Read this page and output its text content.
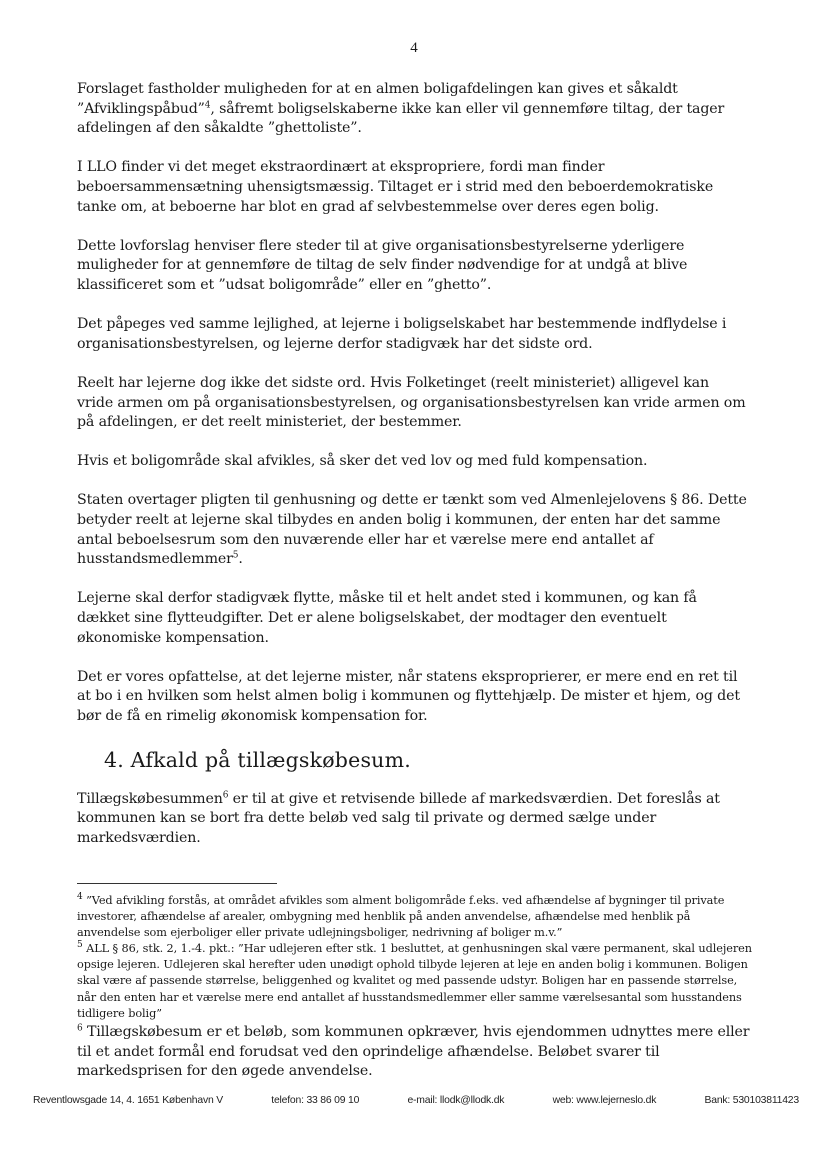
4

Forslaget fastholder muligheden for at en almen boligafdelingen kan gives et såkaldt ”Afviklingspåbud”$^4$, såfremt boligselskaberne ikke kan eller vil gennemføre tiltag, der tager afdelingen af den såkaldte ”ghettoliste”.

I LLO finder vi det meget ekstraordinært at ekspropriere, fordi man finder beboersammensætning uhensigtsmæssig. Tiltaget er i strid med den beboerdemokratiske tanke om, at beboerne har blot en grad af selvbestemmelse over deres egen bolig.

Dette lovforslag henviser flere steder til at give organisationsbestyrelserne yderligere muligheder for at gennemføre de tiltag de selv finder nødvendige for at undgå at blive klassificeret som et ”udsat boligområde” eller en ”ghetto”.

Det påpeges ved samme lejlighed, at lejerne i boligselskabet har bestemmende indflydelse i organisationsbestyrelsen, og lejerne derfor stadigvæk har det sidste ord.

Reelt har lejerne dog ikke det sidste ord. Hvis Folketinget (reelt ministeriet) alligevel kan vride armen om på organisationsbestyrelsen, og organisationsbestyrelsen kan vride armen om på afdelingen, er det reelt ministeriet, der bestemmer.

Hvis et boligområde skal afvikles, så sker det ved lov og med fuld kompensation.

Staten overtager pligten til genhusning og dette er tænkt som ved Almenlejelovens § 86. Dette betyder reelt at lejerne skal tilbydes en anden bolig i kommunen, der enten har det samme antal beboelsesrum som den nuværende eller har et værelse mere end antallet af husstandsmedlemmer$^5$.

Lejerne skal derfor stadigvæk flytte, måske til et helt andet sted i kommunen, og kan få dækket sine flytteudgifter. Det er alene boligselskabet, der modtager den eventuelt økonomiske kompensation.

Det er vores opfattelse, at det lejerne mister, når statens eksproprierer, er mere end en ret til at bo i en hvilken som helst almen bolig i kommunen og flyttehjælp. De mister et hjem, og det bør de få en rimelig økonomisk kompensation for.

4. Afkald på tillægskøbesum.

Tillægskøbesummen$^6$ er til at give et retvisende billede af markedsværdien. Det foreslås at kommunen kan se bort fra dette beløb ved salg til private og dermed sælge under markedsværdien.

$^4$ ”Ved afvikling forstås, at området afvikles som alment boligområde f.eks. ved afhændelse af bygninger til private investorer, afhændelse af arealer, ombygning med henblik på anden anvendelse, afhændelse med henblik på anvendelse som ejerboliger eller private udlejningsboliger, nedrivning af boliger m.v.”

$^5$ ALL § 86, stk. 2, 1.-4. pkt.: ”Har udlejeren efter stk. 1 besluttet, at genhusningen skal være permanent, skal udlejeren opsige lejeren. Udlejeren skal herefter uden unødigt ophold tilbyde lejeren at leje en anden bolig i kommunen. Boligen skal være af passende størrelse, beliggenhed og kvalitet og med passende udstyr. Boligen har en passende størrelse, når den enten har et værelse mere end antallet af husstandsmedlemmer eller samme værelsesantal som husstandens tidligere bolig”

$^6$ Tillægskøbesum er et beløb, som kommunen opkræver, hvis ejendommen udnyttes mere eller til et andet formål end forudsat ved den oprindelige afhændelse. Beløbet svarer til markedsprisen for den øgede anvendelse.

Reventlowsgade 14, 4. 1651 København V	telefon: 33 86 09 10	e-mail: llodk@llodk.dk	web: www.lejerneslo.dk	Bank: 530103811423
